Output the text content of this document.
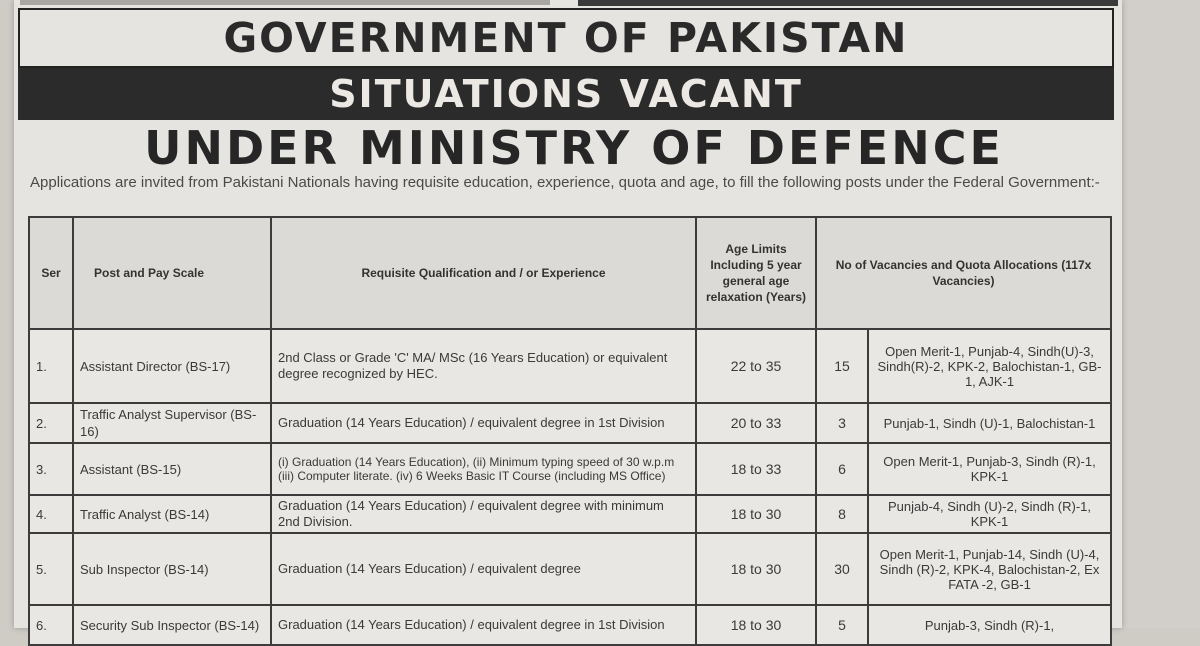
GOVERNMENT OF PAKISTAN
SITUATIONS VACANT
UNDER MINISTRY OF DEFENCE
Applications are invited from Pakistani Nationals having requisite education, experience, quota and age, to fill the following posts under the Federal Government:-
Ser	Post and Pay Scale	Requisite Qualification and / or Experience	Age Limits Including 5 year general age relaxation (Years)	No of Vacancies and Quota Allocations (117x Vacancies)	
1.	Assistant Director (BS-17)	2nd Class or Grade 'C' MA/ MSc (16 Years Education) or equivalent degree recognized by HEC.	22 to 35	15	Open Merit-1, Punjab-4, Sindh(U)-3, Sindh(R)-2, KPK-2, Balochistan-1, GB-1, AJK-1
2.	Traffic Analyst Supervisor (BS-16)	Graduation (14 Years Education) / equivalent degree in 1st Division	20 to 33	3	Punjab-1, Sindh (U)-1, Balochistan-1
3.	Assistant (BS-15)	(i) Graduation (14 Years Education), (ii) Minimum typing speed of 30 w.p.m (iii) Computer literate. (iv) 6 Weeks Basic IT Course (including MS Office)	18 to 33	6	Open Merit-1, Punjab-3, Sindh (R)-1, KPK-1
4.	Traffic Analyst (BS-14)	Graduation (14 Years Education) / equivalent degree with minimum 2nd Division.	18 to 30	8	Punjab-4, Sindh (U)-2, Sindh (R)-1, KPK-1
5.	Sub Inspector (BS-14)	Graduation (14 Years Education) / equivalent degree	18 to 30	30	Open Merit-1, Punjab-14, Sindh (U)-4, Sindh (R)-2, KPK-4, Balochistan-2, Ex FATA -2, GB-1
6.	Security Sub Inspector (BS-14)	Graduation (14 Years Education) / equivalent degree in 1st Division	18 to 30	5	Punjab-3, Sindh (R)-1,
